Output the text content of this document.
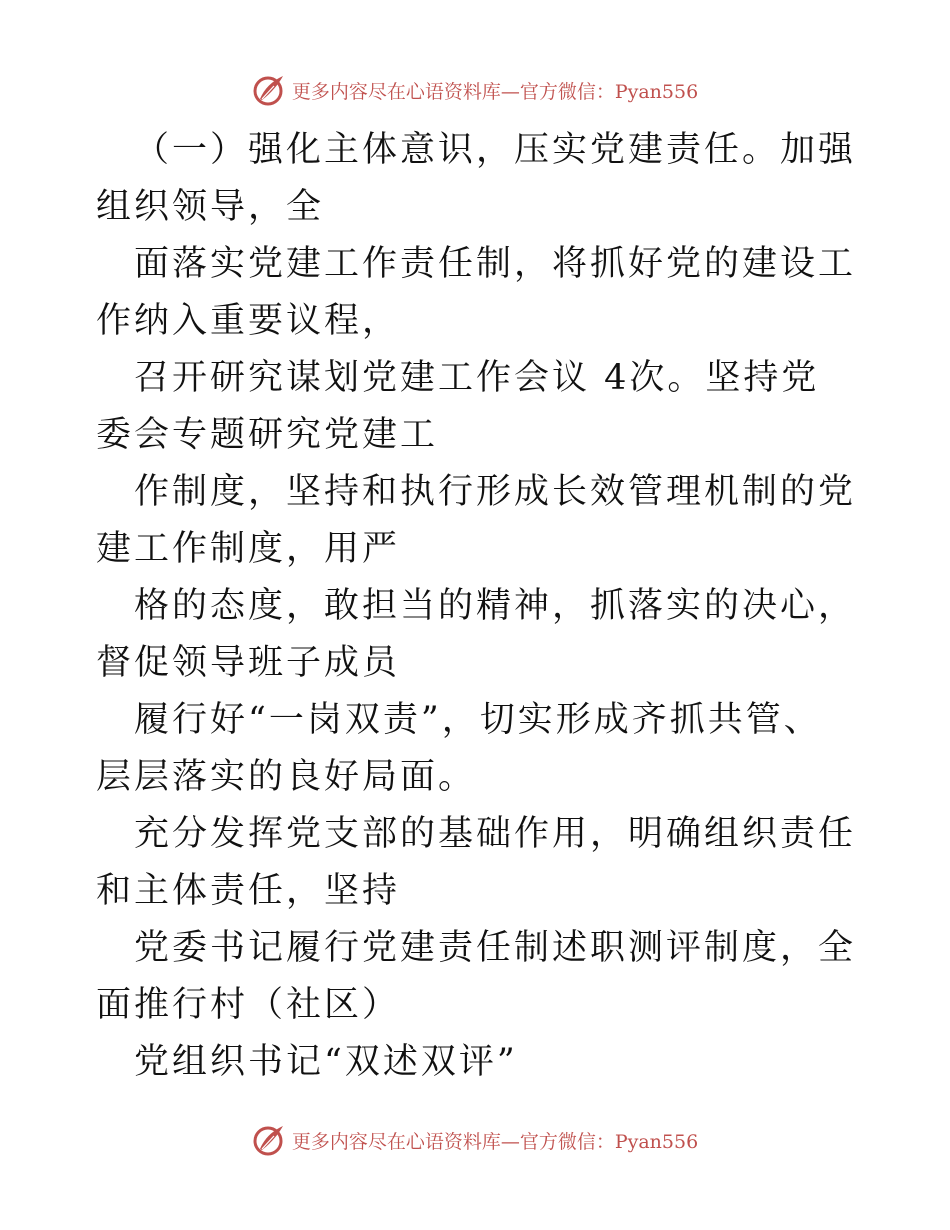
更多内容尽在心语资料库—官方微信：Pyan556

（一）强化主体意识，压实党建责任。加强组织领导，全

面落实党建工作责任制，将抓好党的建设工作纳入重要议程，

召开研究谋划党建工作会议 4次。坚持党委会专题研究党建工

作制度，坚持和执行形成长效管理机制的党建工作制度，用严

格的态度，敢担当的精神，抓落实的决心，督促领导班子成员

履行好“一岗双责”，切实形成齐抓共管、层层落实的良好局面。

充分发挥党支部的基础作用，明确组织责任和主体责任，坚持

党委书记履行党建责任制述职测评制度，全面推行村（社区）

党组织书记“双述双评”

更多内容尽在心语资料库—官方微信：Pyan556
